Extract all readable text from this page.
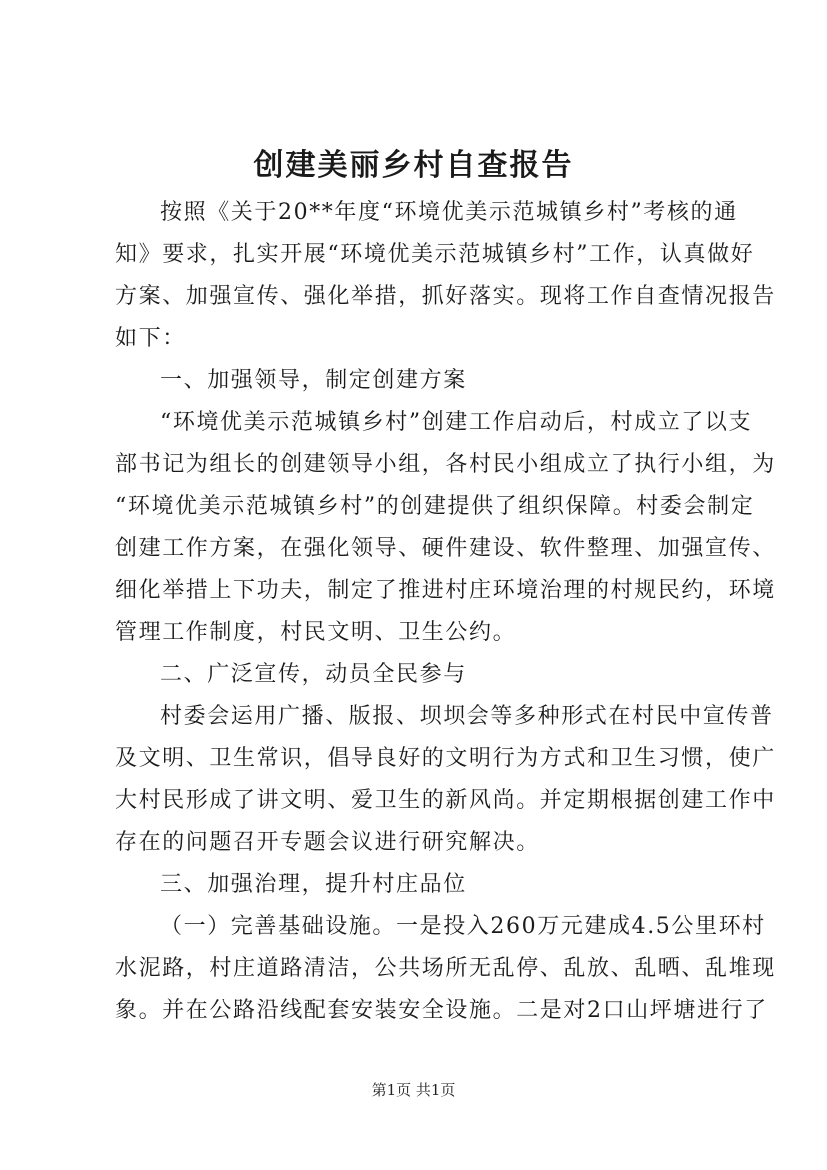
创建美丽乡村自查报告
按照《关于20**年度“环境优美示范城镇乡村”考核的通
知》要求，扎实开展“环境优美示范城镇乡村”工作，认真做好
方案、加强宣传、强化举措，抓好落实。现将工作自查情况报告
如下：
一、加强领导，制定创建方案
“环境优美示范城镇乡村”创建工作启动后，村成立了以支
部书记为组长的创建领导小组，各村民小组成立了执行小组，为
“环境优美示范城镇乡村”的创建提供了组织保障。村委会制定
创建工作方案，在强化领导、硬件建设、软件整理、加强宣传、
细化举措上下功夫，制定了推进村庄环境治理的村规民约，环境
管理工作制度，村民文明、卫生公约。
二、广泛宣传，动员全民参与
村委会运用广播、版报、坝坝会等多种形式在村民中宣传普
及文明、卫生常识，倡导良好的文明行为方式和卫生习惯，使广
大村民形成了讲文明、爱卫生的新风尚。并定期根据创建工作中
存在的问题召开专题会议进行研究解决。
三、加强治理，提升村庄品位
（一）完善基础设施。一是投入260万元建成4.5公里环村
水泥路，村庄道路清洁，公共场所无乱停、乱放、乱晒、乱堆现
象。并在公路沿线配套安装安全设施。二是对2口山坪塘进行了
第1页 共1页
